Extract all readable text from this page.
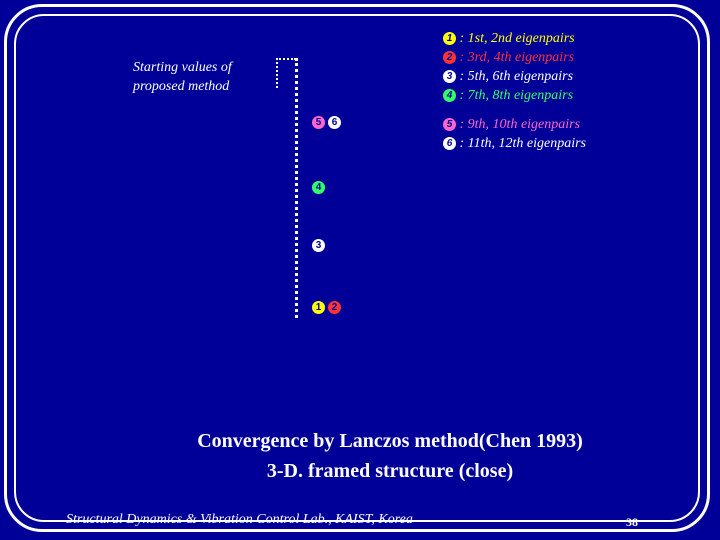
Starting values of
proposed method
1 : 1st, 2nd eigenpairs
2 : 3rd, 4th eigenpairs
3 : 5th, 6th eigenpairs
4 : 7th, 8th eigenpairs
5 : 9th, 10th eigenpairs
6 : 11th, 12th eigenpairs
5 6
4
3
1 2
Convergence by Lanczos method(Chen 1993)
3-D. framed structure (close)
Structural Dynamics & Vibration Control Lab., KAIST, Korea	38
